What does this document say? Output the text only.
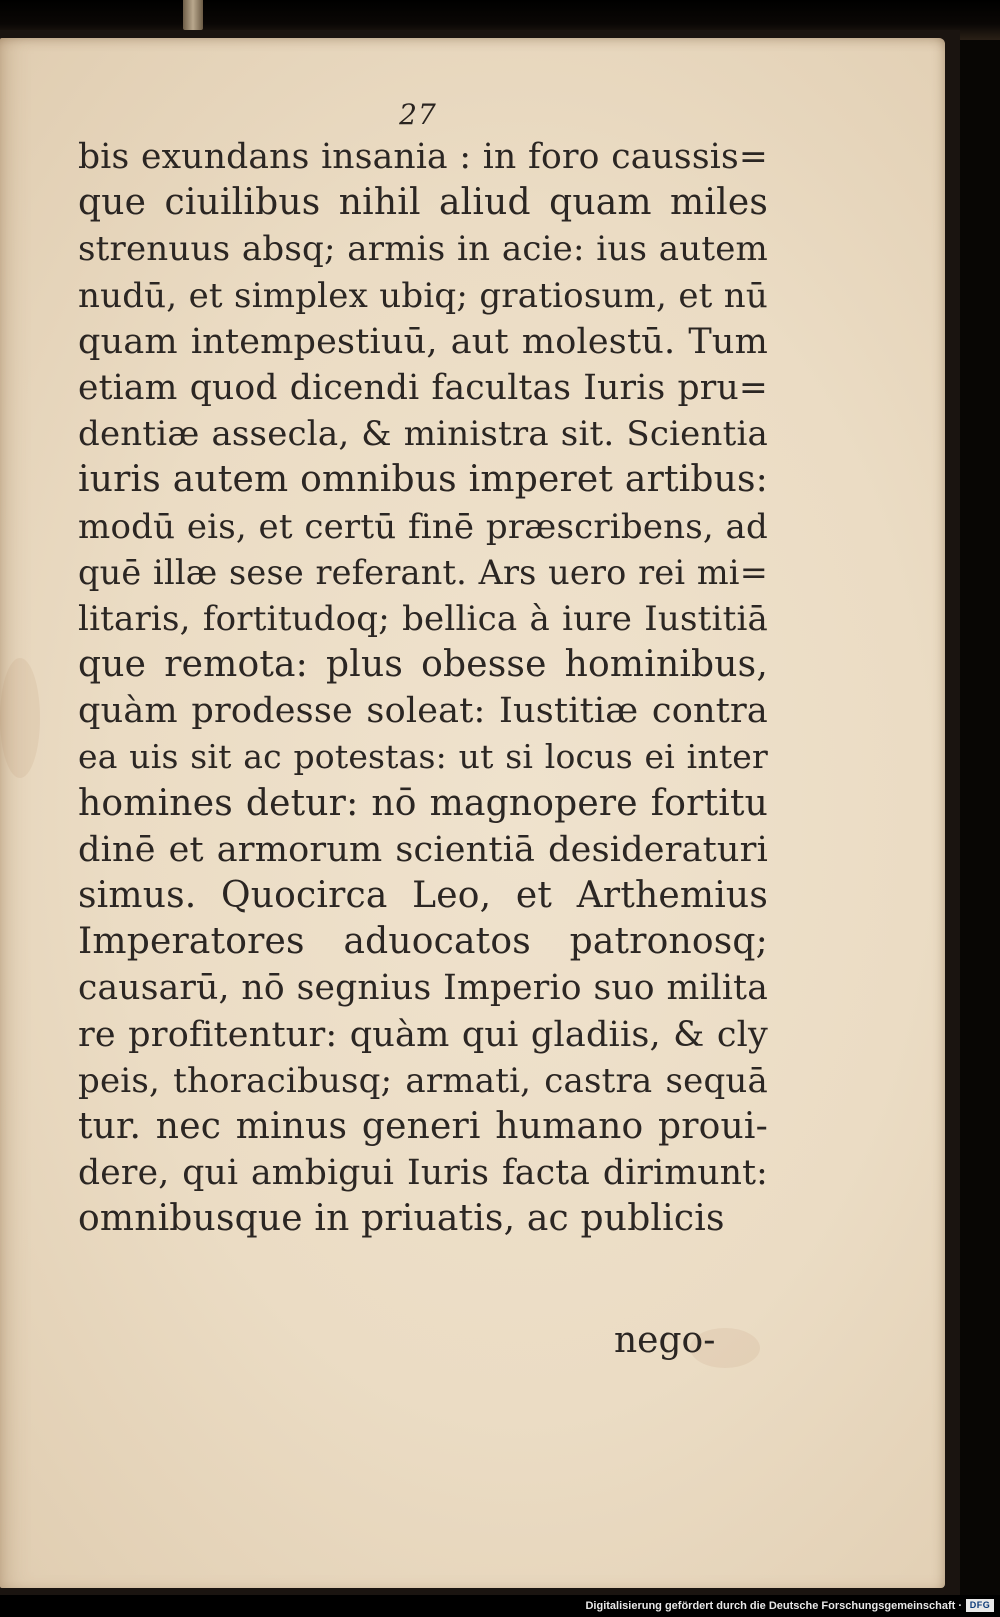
27
bis exundans insania : in foro caussis=
que ciuilibus nihil aliud quam miles
strenuus absq; armis in acie: ius autem
nudū, et simplex ubiq; gratiosum, et nū
quam intempestiuū, aut molestū. Tum
etiam quod dicendi facultas Iuris pru=
dentiæ assecla, & ministra sit. Scientia
iuris autem omnibus imperet artibus:
modū eis, et certū finē præscribens, ad
quē illæ sese referant. Ars uero rei mi=
litaris, fortitudoq; bellica à iure Iustitiā
que remota: plus obesse hominibus,
quàm prodesse soleat: Iustitiæ contra
ea uis sit ac potestas: ut si locus ei inter
homines detur: nō magnopere fortitu
dinē et armorum scientiā desideraturi
simus. Quocirca Leo, et Arthemius
Imperatores aduocatos patronosq;
causarū, nō segnius Imperio suo milita
re profitentur: quàm qui gladiis, & cly
peis, thoracibusq; armati, castra sequā
tur. nec minus generi humano proui-
dere, qui ambigui Iuris facta dirimunt:
omnibusque in priuatis, ac publicis
nego-
Digitalisierung gefördert durch die Deutsche Forschungsgemeinschaft · DFG
